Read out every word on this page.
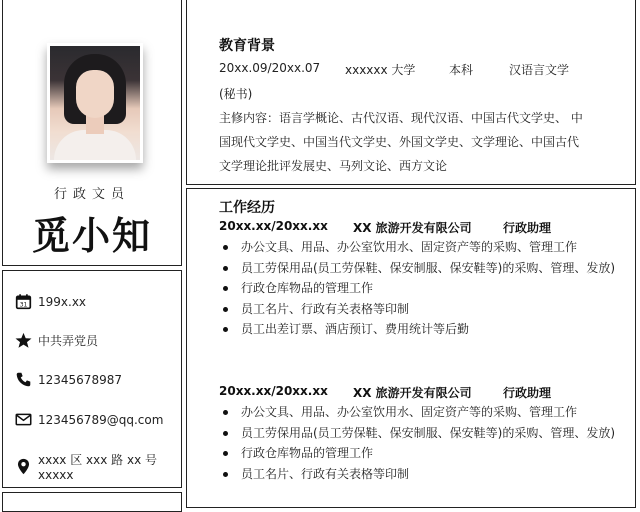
行政文员
觅小知
31 199x.xx
中共弄党员
12345678987
123456789@qq.com
xxxx 区 xxx 路 xx 号 xxxxx
教育背景
20xx.09/20xx.07 xxxxxx 大学	本科	汉语言文学
(秘书)
主修内容：语言学概论、古代汉语、现代汉语、中国古代文学史、 中
国现代文学史、中国当代文学史、外国文学史、文学理论、中国古代
文学理论批评发展史、马列文论、西方文论
工作经历
20xx.xx/20xx.xx XX 旅游开发有限公司	行政助理
办公文具、用品、办公室饮用水、固定资产等的采购、管理工作
员工劳保用品(员工劳保鞋、保安制服、保安鞋等)的采购、管理、发放)
行政仓库物品的管理工作
员工名片、行政有关表格等印制
员工出差订票、酒店预订、费用统计等后勤
20xx.xx/20xx.xx XX 旅游开发有限公司	行政助理
办公文具、用品、办公室饮用水、固定资产等的采购、管理工作
员工劳保用品(员工劳保鞋、保安制服、保安鞋等)的采购、管理、发放)
行政仓库物品的管理工作
员工名片、行政有关表格等印制
